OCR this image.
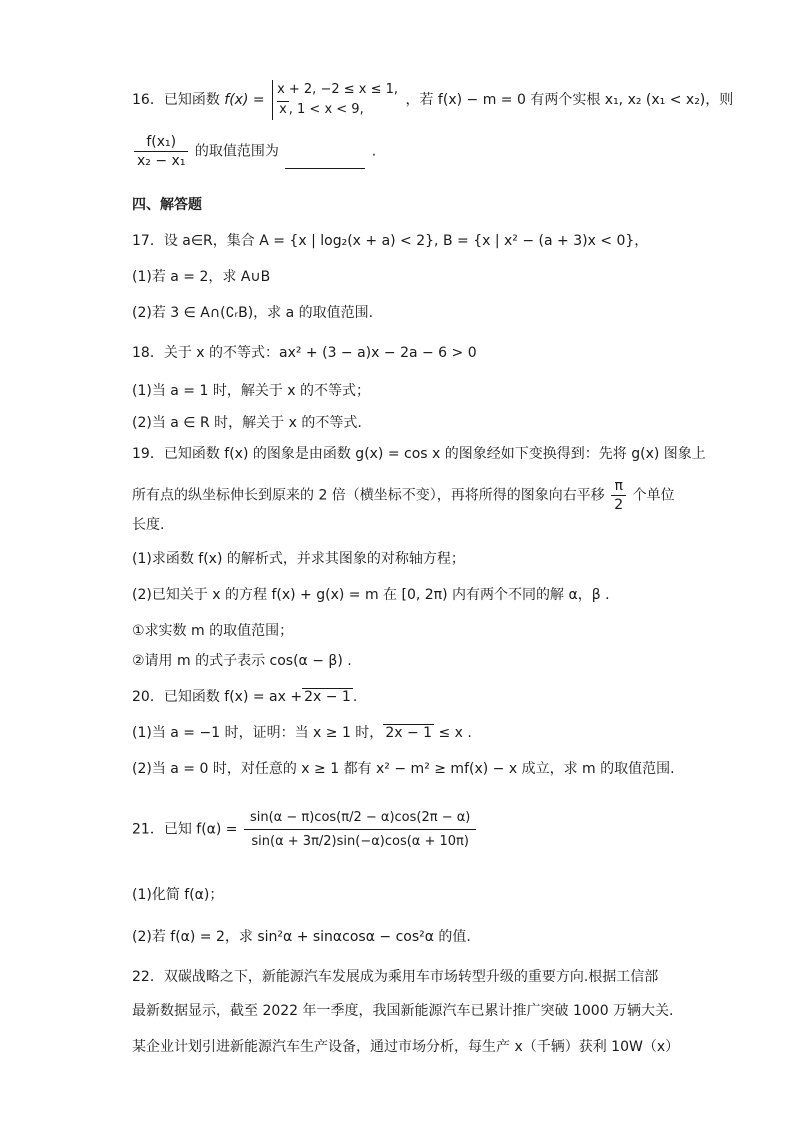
16．已知函数 f(x) =
x + 2, −2 ≤ x ≤ 1,
x , 1 < x < 9,
，若 f(x) − m = 0 有两个实根 x₁, x₂ (x₁ < x₂)，则
$\frac{\text{f(x₁)}}{\text{x₂ − x₁}}$ 的取值范围为	.
四、解答题
17．设 a∈R，集合 A = {x | log₂(x + a) < 2}, B = {x | x² − (a + 3)x < 0}，
(1)若 a = 2，求 A∪B
(2)若 3 ∈ A∩(∁ᵣB)，求 a 的取值范围.
18．关于 x 的不等式：ax² + (3 − a)x − 2a − 6 > 0
(1)当 a = 1 时，解关于 x 的不等式；
(2)当 a ∈ R 时，解关于 x 的不等式.
19．已知函数 f(x) 的图象是由函数 g(x) = cos x 的图象经如下变换得到：先将 g(x) 图象上
所有点的纵坐标伸长到原来的 2 倍（横坐标不变），再将所得的图象向右平移 $\frac{\pi}{2}$ 个单位
长度.
(1)求函数 f(x) 的解析式，并求其图象的对称轴方程；
(2)已知关于 x 的方程 f(x) + g(x) = m 在 [0, 2π) 内有两个不同的解 α，β .
①求实数 m 的取值范围；
②请用 m 的式子表示 cos(α − β) .
20．已知函数 f(x) = ax + 2x − 1 .
(1)当 a = −1 时，证明：当 x ≥ 1 时， 2x − 1 ≤ x .
(2)当 a = 0 时，对任意的 x ≥ 1 都有 x² − m² ≥ mf(x) − x 成立，求 m 的取值范围.
21．已知 $f(\alpha) = \frac{\sin(\alpha - \pi)\cos(\pi/2 - \alpha)\cos(2\pi - \alpha)}{\sin(\alpha + 3\pi/2)\sin(-\alpha)\cos(\alpha + 10\pi)}$
(1)化简 f(α)；
(2)若 f(α) = 2，求 sin²α + sinαcosα − cos²α 的值.
22．双碳战略之下，新能源汽车发展成为乘用车市场转型升级的重要方向.根据工信部
最新数据显示，截至 2022 年一季度，我国新能源汽车已累计推广突破 1000 万辆大关.
某企业计划引进新能源汽车生产设备，通过市场分析，每生产 x（千辆）获利 10W（x）
